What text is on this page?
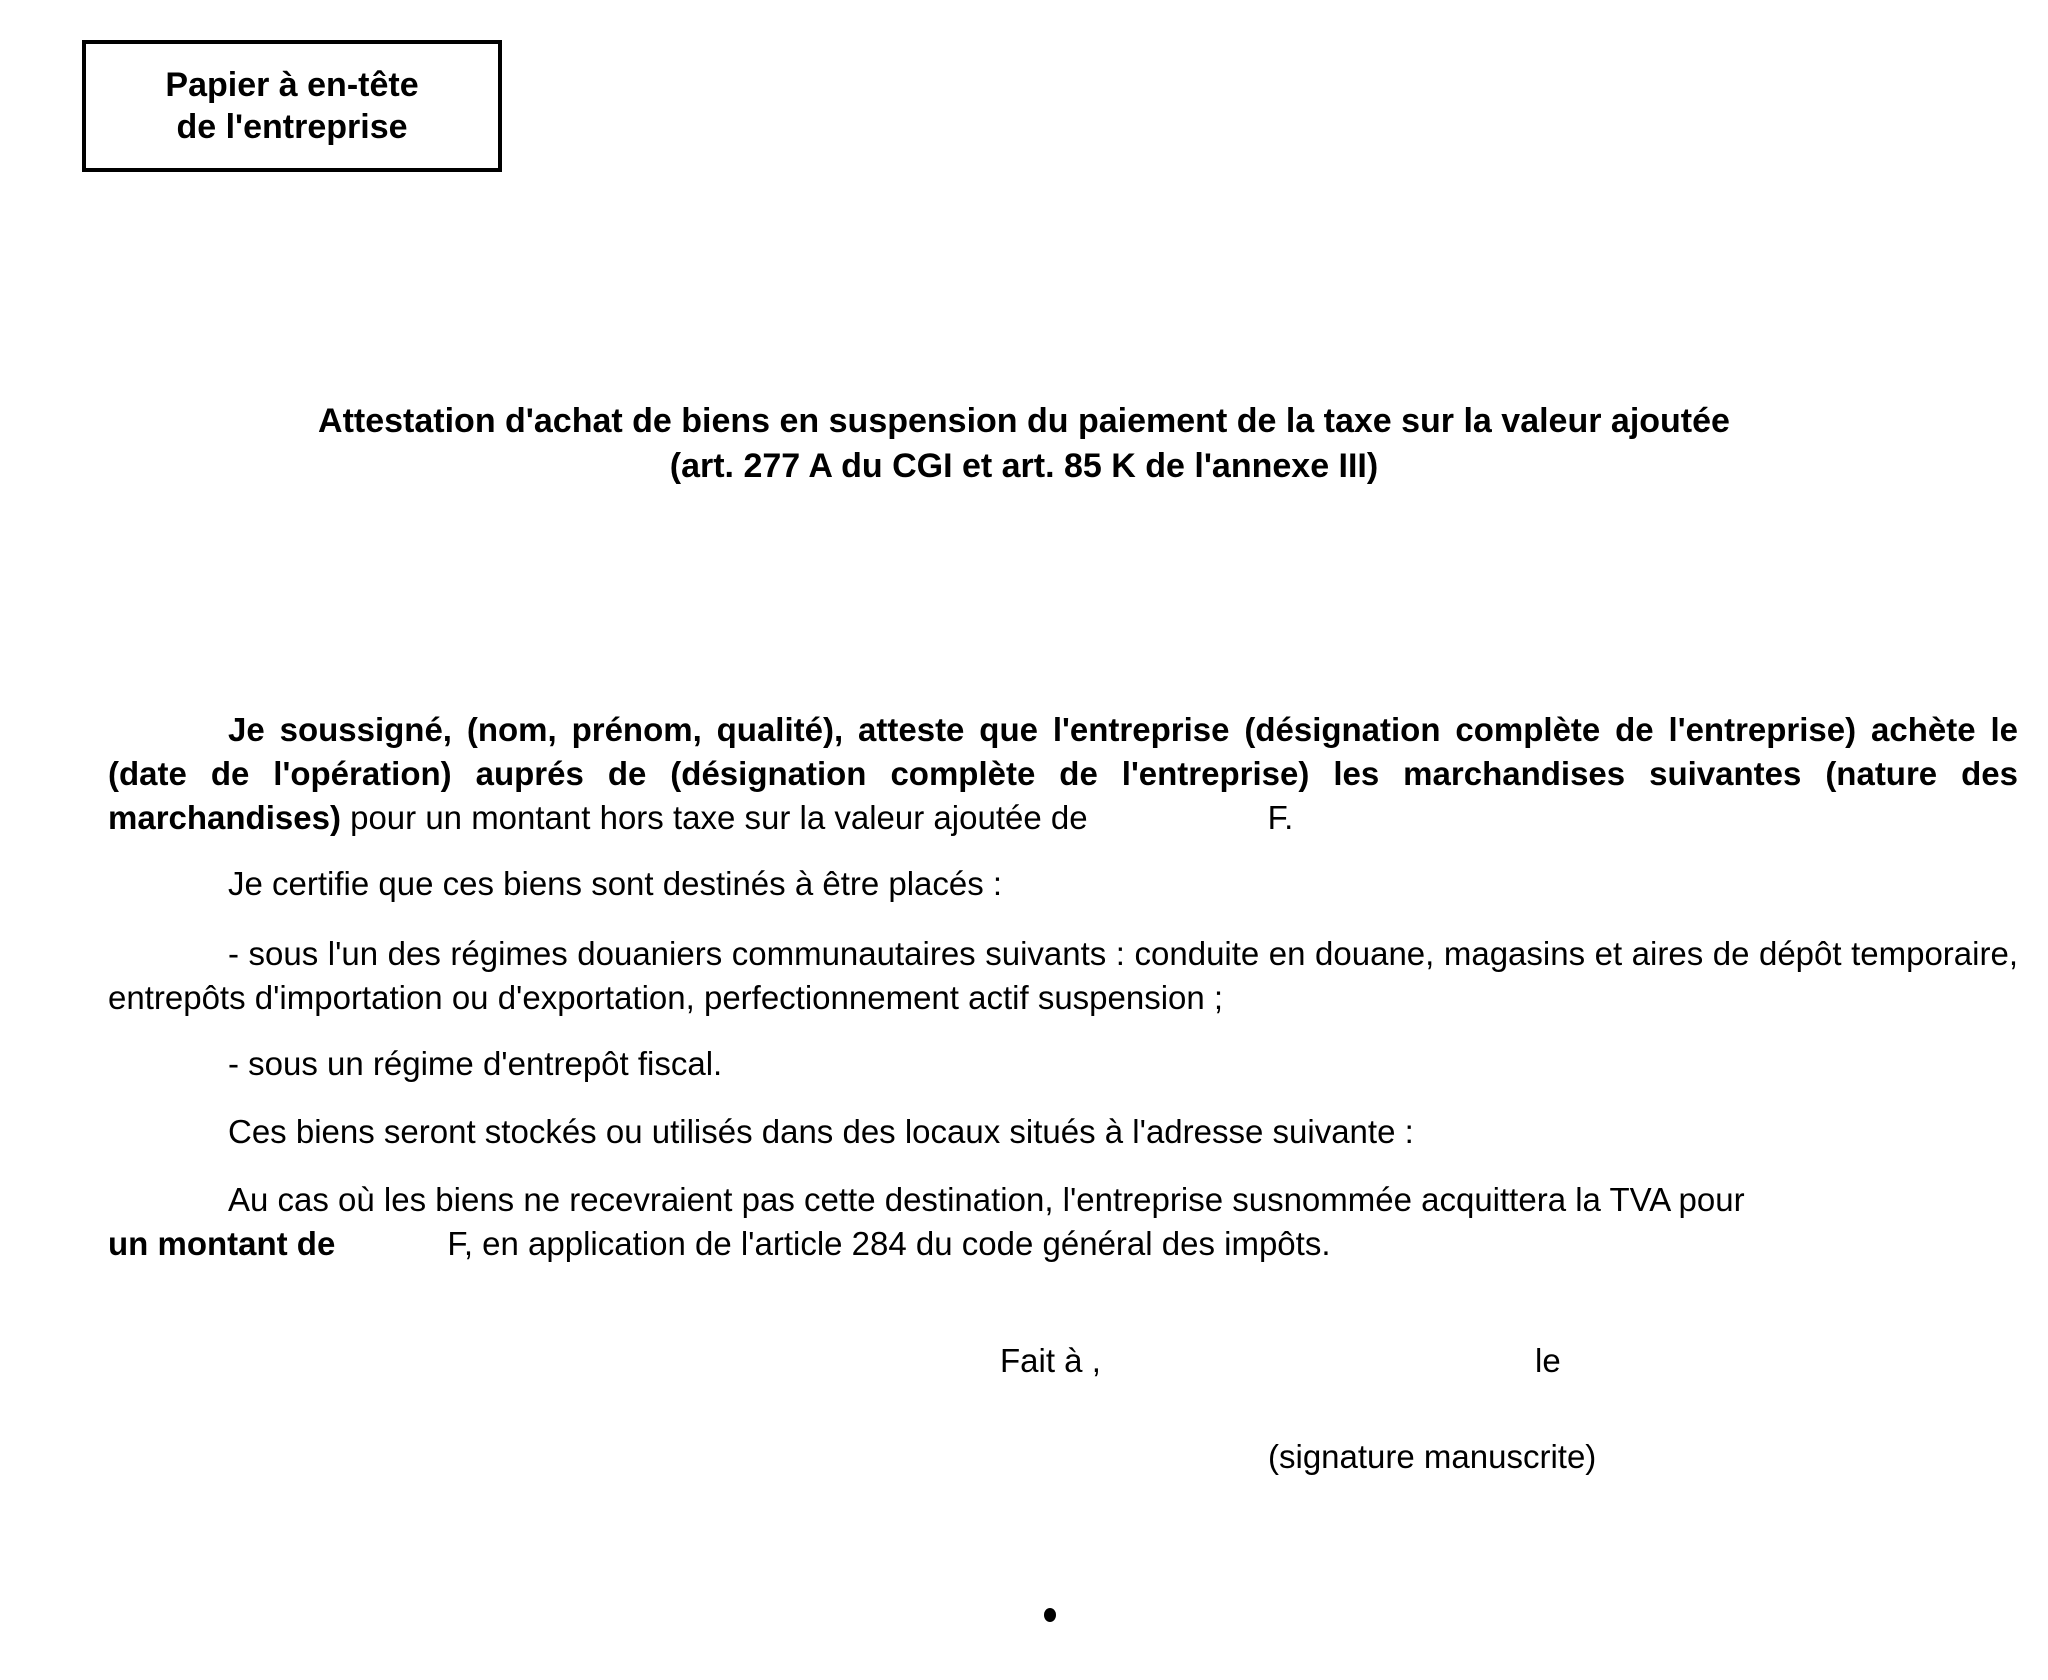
Papier à en-tête
de l'entreprise
Attestation d'achat de biens en suspension du paiement de la taxe sur la valeur ajoutée
(art. 277 A du CGI et art. 85 K de l'annexe III)
Je soussigné, (nom, prénom, qualité), atteste que l'entreprise (désignation complète de l'entreprise) achète le (date de l'opération) auprés de (désignation complète de l'entreprise) les marchandises suivantes (nature des marchandises) pour un montant hors taxe sur la valeur ajoutée de	F.
Je certifie que ces biens sont destinés à être placés :
- sous l'un des régimes douaniers communautaires suivants : conduite en douane, magasins et aires de dépôt temporaire, entrepôts d'importation ou d'exportation, perfectionnement actif suspension ;
- sous un régime d'entrepôt fiscal.
Ces biens seront stockés ou utilisés dans des locaux situés à l'adresse suivante :
Au cas où les biens ne recevraient pas cette destination, l'entreprise susnommée acquittera la TVA pour
un montant de	F, en application de l'article 284 du code général des impôts.
Fait à ,	le
(signature manuscrite)
